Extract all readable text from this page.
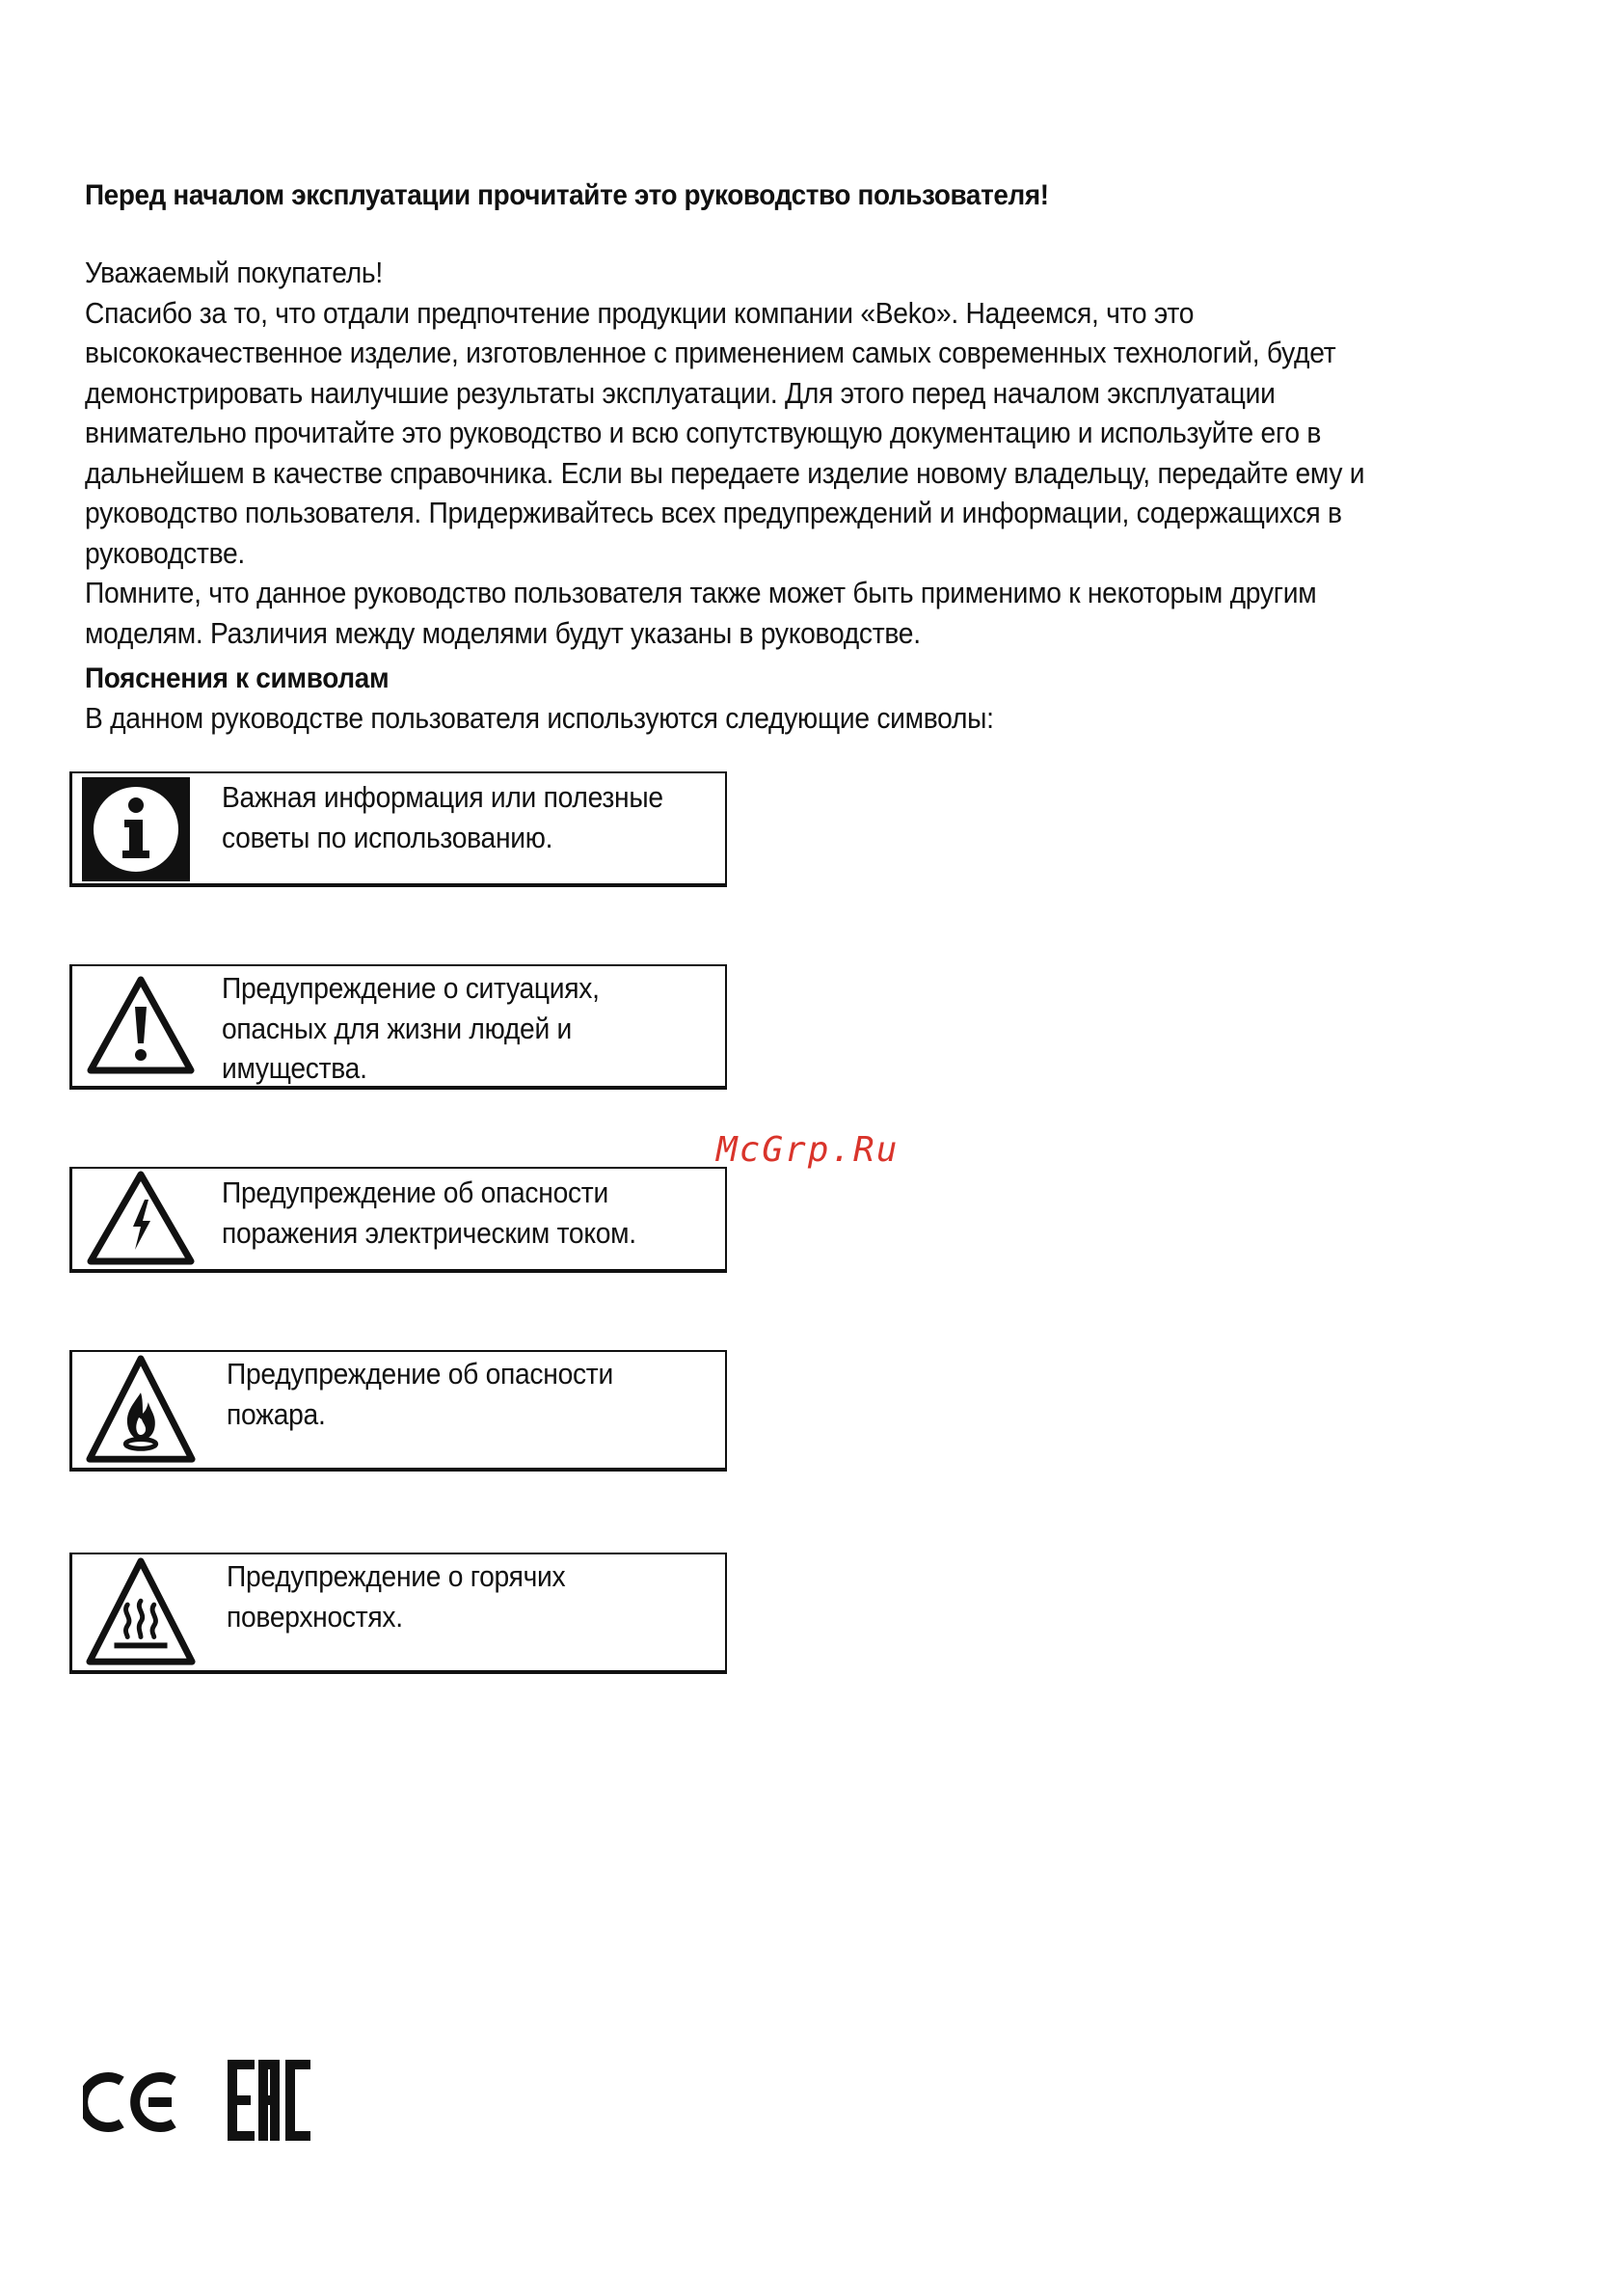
Перед началом эксплуатации прочитайте это руководство пользователя!

Уважаемый покупатель!

Спасибо за то, что отдали предпочтение продукции компании «Beko». Надеемся, что это

высококачественное изделие, изготовленное с применением самых современных технологий, будет

демонстрировать наилучшие результаты эксплуатации. Для этого перед началом эксплуатации

внимательно прочитайте это руководство и всю сопутствующую документацию и используйте его в

дальнейшем в качестве справочника. Если вы передаете изделие новому владельцу, передайте ему и

руководство пользователя. Придерживайтесь всех предупреждений и информации, содержащихся в

руководстве.

Помните, что данное руководство пользователя также может быть применимо к некоторым другим

моделям. Различия между моделями будут указаны в руководстве.

Пояснения к символам
В данном руководстве пользователя используются следующие символы:
Важная информация или полезные
советы по использованию.
Предупреждение о ситуациях,
опасных для жизни людей и
имущества.
Предупреждение об опасности
поражения электрическим током.
Предупреждение об опасности
пожара.
Предупреждение о горячих
поверхностях.
McGrp.Ru
